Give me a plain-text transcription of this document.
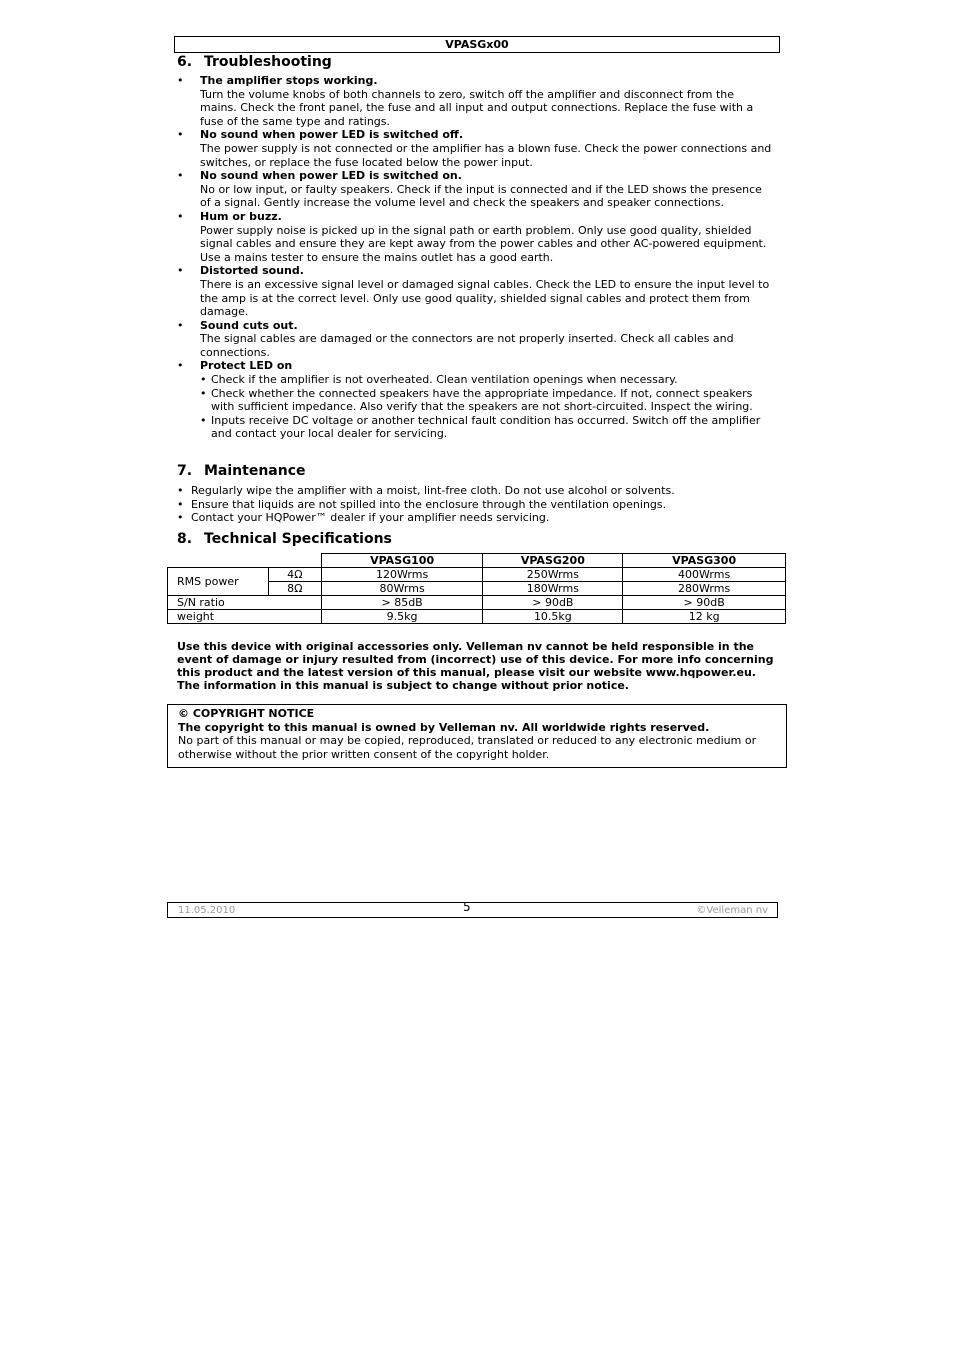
VPASGx00
6. Troubleshooting
• The amplifier stops working.
Turn the volume knobs of both channels to zero, switch off the amplifier and disconnect from the mains. Check the front panel, the fuse and all input and output connections. Replace the fuse with a fuse of the same type and ratings.
• No sound when power LED is switched off.
The power supply is not connected or the amplifier has a blown fuse. Check the power connections and switches, or replace the fuse located below the power input.
• No sound when power LED is switched on.
No or low input, or faulty speakers. Check if the input is connected and if the LED shows the presence of a signal. Gently increase the volume level and check the speakers and speaker connections.
• Hum or buzz.
Power supply noise is picked up in the signal path or earth problem. Only use good quality, shielded signal cables and ensure they are kept away from the power cables and other AC-powered equipment. Use a mains tester to ensure the mains outlet has a good earth.
• Distorted sound.
There is an excessive signal level or damaged signal cables. Check the LED to ensure the input level to the amp is at the correct level. Only use good quality, shielded signal cables and protect them from damage.
• Sound cuts out.
The signal cables are damaged or the connectors are not properly inserted. Check all cables and connections.
• Protect LED on
• Check if the amplifier is not overheated. Clean ventilation openings when necessary.
• Check whether the connected speakers have the appropriate impedance. If not, connect speakers with sufficient impedance. Also verify that the speakers are not short-circuited. Inspect the wiring.
• Inputs receive DC voltage or another technical fault condition has occurred. Switch off the amplifier and contact your local dealer for servicing.
7. Maintenance
• Regularly wipe the amplifier with a moist, lint-free cloth. Do not use alcohol or solvents.
• Ensure that liquids are not spilled into the enclosure through the ventilation openings.
• Contact your HQPower™ dealer if your amplifier needs servicing.
8. Technical Specifications
		VPASG100	VPASG200	VPASG300
RMS power	4Ω	120Wrms	250Wrms	400Wrms
	8Ω	80Wrms	180Wrms	280Wrms
S/N ratio		> 85dB	> 90dB	> 90dB
weight		9.5kg	10.5kg	12 kg
Use this device with original accessories only. Velleman nv cannot be held responsible in the event of damage or injury resulted from (incorrect) use of this device. For more info concerning this product and the latest version of this manual, please visit our website www.hqpower.eu. The information in this manual is subject to change without prior notice.
© COPYRIGHT NOTICE
The copyright to this manual is owned by Velleman nv. All worldwide rights reserved.
No part of this manual or may be copied, reproduced, translated or reduced to any electronic medium or otherwise without the prior written consent of the copyright holder.
11.05.2010	5	©Velleman nv
